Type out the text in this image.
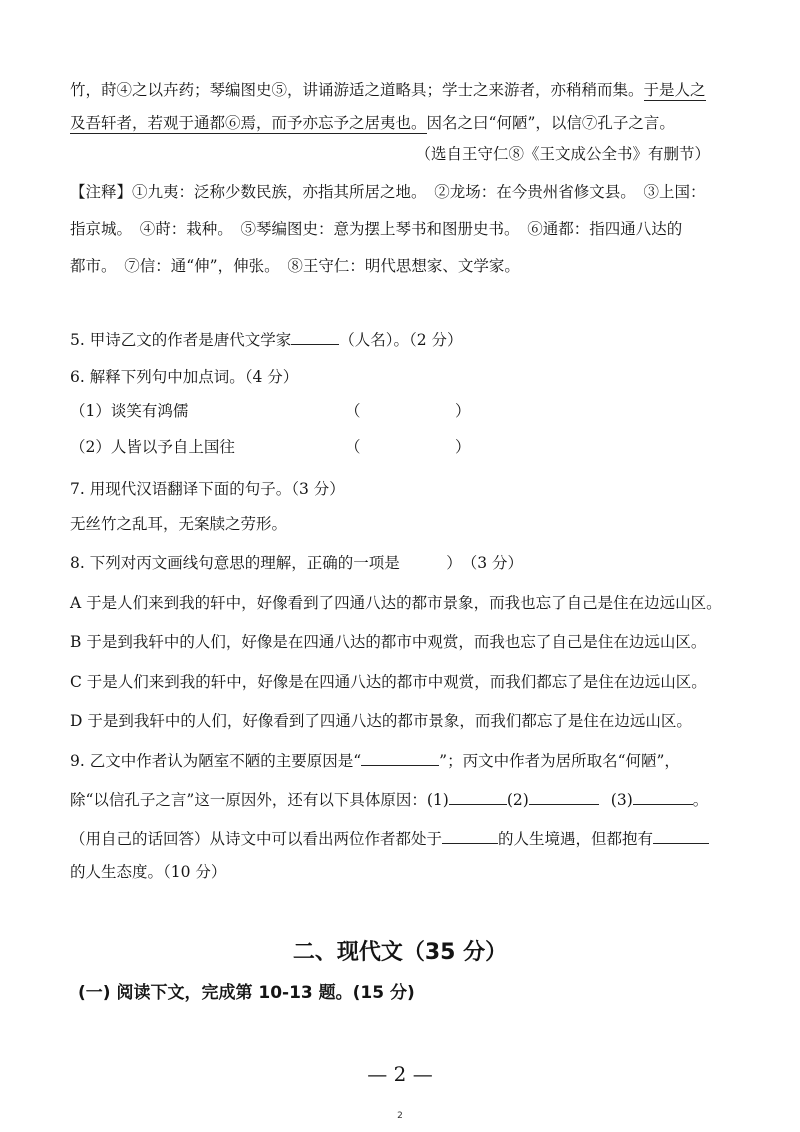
竹，莳④之以卉药；琴编图史⑤，讲诵游适之道略具；学士之来游者，亦稍稍而集。于是人之
及吾轩者，若观于通都⑥焉，而予亦忘予之居夷也。因名之曰“何陋”，以信⑦孔子之言。
（选自王守仁⑧《王文成公全书》有删节）
【注释】①九夷：泛称少数民族，亦指其所居之地。　②龙场：在今贵州省修文县。　③上国：
指京城。　④莳：栽种。　⑤琴编图史：意为摆上琴书和图册史书。　⑥通都：指四通八达的
都市。　⑦信：通“伸”，伸张。　⑧王守仁：明代思想家、文学家。
5. 甲诗乙文的作者是唐代文学家	（人名）。（2 分）
6. 解释下列句中加点词。（4 分）
（1）谈笑有鸿儒	（	）
（2）人皆以予自上国往	（	）
7. 用现代汉语翻译下面的句子。（3 分）
无丝竹之乱耳，无案牍之劳形。
8. 下列对丙文画线句意思的理解，正确的一项是　　　）　（3 分）
A 于是人们来到我的轩中，好像看到了四通八达的都市景象，而我也忘了自己是住在边远山区。
B 于是到我轩中的人们，好像是在四通八达的都市中观赏，而我也忘了自己是住在边远山区。
C 于是人们来到我的轩中，好像是在四通八达的都市中观赏，而我们都忘了是住在边远山区。
D 于是到我轩中的人们，好像看到了四通八达的都市景象，而我们都忘了是住在边远山区。
9. 乙文中作者认为陋室不陋的主要原因是“	”；丙文中作者为居所取名“何陋”，
除“以信孔子之言”这一原因外，还有以下具体原因：(1)	(2)	(3)	。
（用自己的话回答）从诗文中可以看出两位作者都处于	的人生境遇，但都抱有
的人生态度。（10 分）
二、现代文（35 分）
(一) 阅读下文，完成第 10-13 题。(15 分)
— 2 —
2
